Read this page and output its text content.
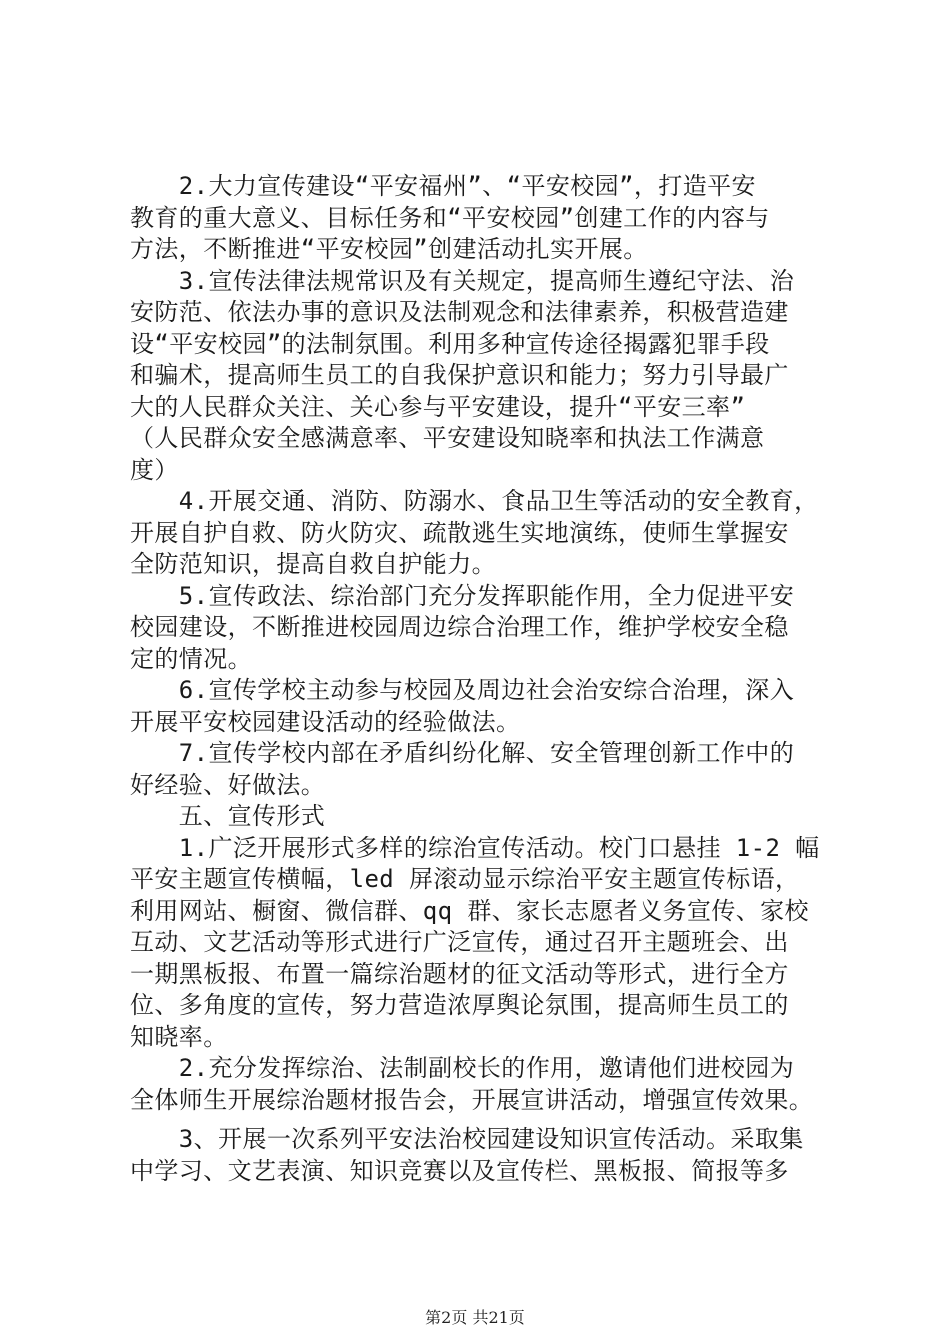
　　2.大力宣传建设“平安福州”、“平安校园”，打造平安
教育的重大意义、目标任务和“平安校园”创建工作的内容与
方法，不断推进“平安校园”创建活动扎实开展。
　　3.宣传法律法规常识及有关规定，提高师生遵纪守法、治
安防范、依法办事的意识及法制观念和法律素养，积极营造建
设“平安校园”的法制氛围。利用多种宣传途径揭露犯罪手段
和骗术，提高师生员工的自我保护意识和能力；努力引导最广
大的人民群众关注、关心参与平安建设，提升“平安三率”
（人民群众安全感满意率、平安建设知晓率和执法工作满意
度）
　　4.开展交通、消防、防溺水、食品卫生等活动的安全教育，
开展自护自救、防火防灾、疏散逃生实地演练，使师生掌握安
全防范知识，提高自救自护能力。
　　5.宣传政法、综治部门充分发挥职能作用，全力促进平安
校园建设，不断推进校园周边综合治理工作，维护学校安全稳
定的情况。
　　6.宣传学校主动参与校园及周边社会治安综合治理，深入
开展平安校园建设活动的经验做法。
　　7.宣传学校内部在矛盾纠纷化解、安全管理创新工作中的
好经验、好做法。
　　五、宣传形式
　　1.广泛开展形式多样的综治宣传活动。校门口悬挂 1-2 幅
平安主题宣传横幅，led 屏滚动显示综治平安主题宣传标语，
利用网站、橱窗、微信群、qq 群、家长志愿者义务宣传、家校
互动、文艺活动等形式进行广泛宣传，通过召开主题班会、出
一期黑板报、布置一篇综治题材的征文活动等形式，进行全方
位、多角度的宣传，努力营造浓厚舆论氛围，提高师生员工的
知晓率。
　　2.充分发挥综治、法制副校长的作用，邀请他们进校园为
全体师生开展综治题材报告会，开展宣讲活动，增强宣传效果。
　　3、开展一次系列平安法治校园建设知识宣传活动。采取集
中学习、文艺表演、知识竞赛以及宣传栏、黑板报、简报等多
第2页 共21页
